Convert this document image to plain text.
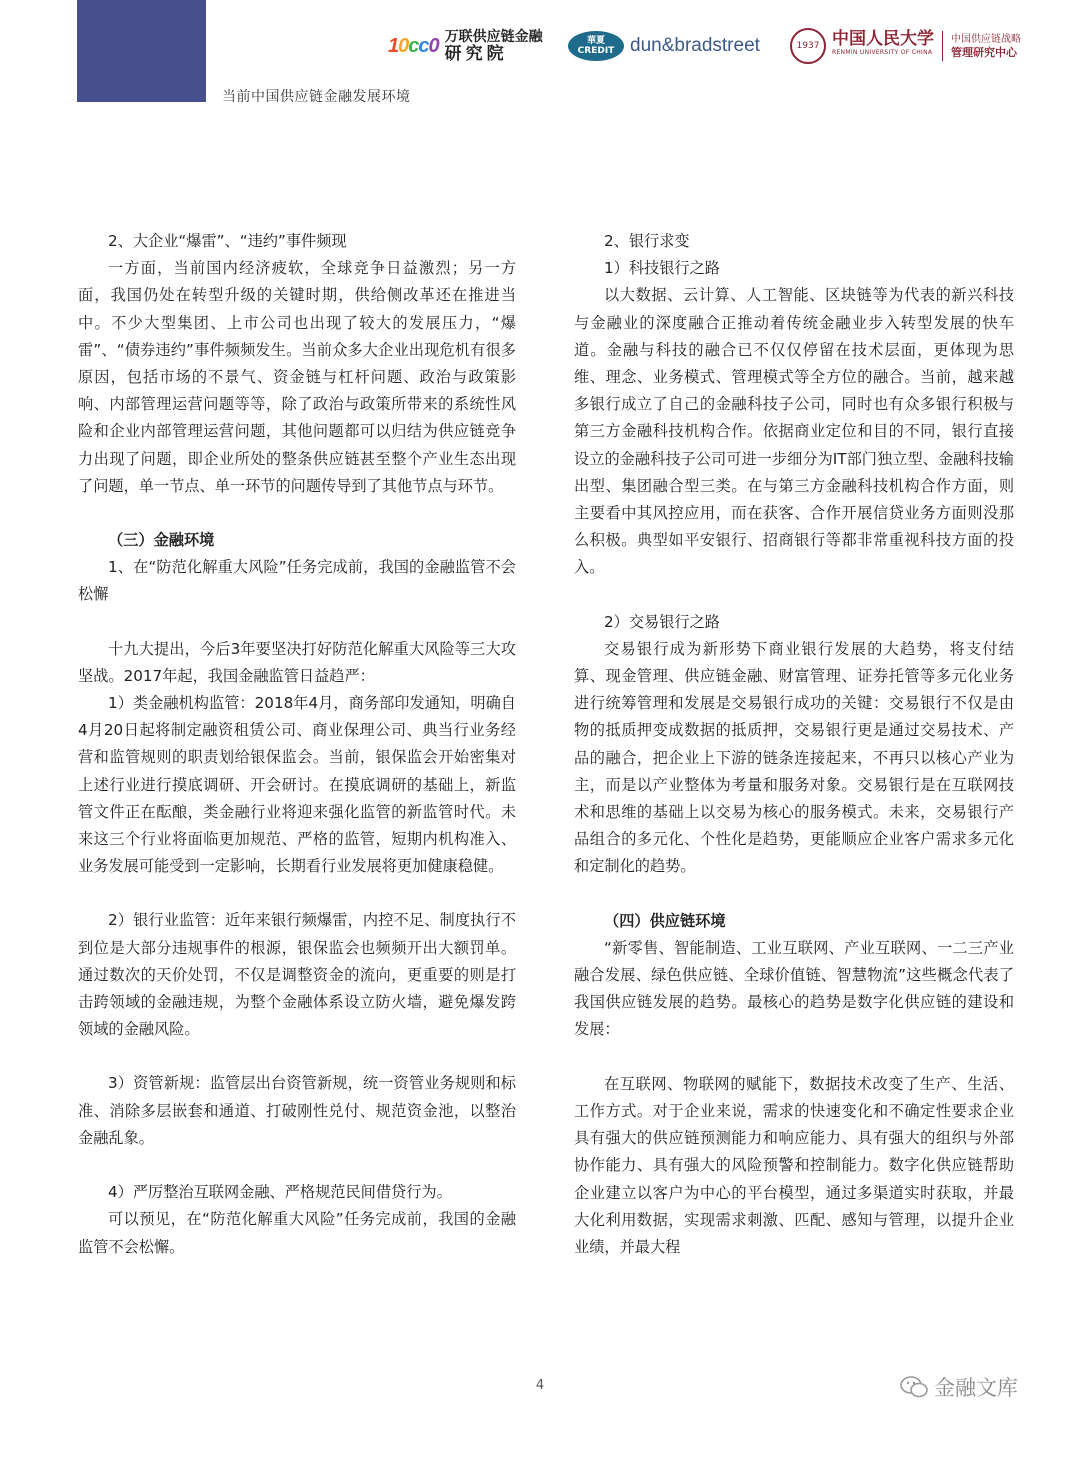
当前中国供应链金融发展环境
10cc0 万联供应链金融
研究院
華夏
CREDIT dun&bradstreet	1937 中国人民大学
RENMIN UNIVERSITY OF CHINA
中国供应链战略
管理研究中心

2、大企业“爆雷”、“违约”事件频现

一方面，当前国内经济疲软，全球竞争日益激烈；另一方面，我国仍处在转型升级的关键时期，供给侧改革还在推进当中。不少大型集团、上市公司也出现了较大的发展压力，“爆雷”、“债券违约”事件频频发生。当前众多大企业出现危机有很多原因，包括市场的不景气、资金链与杠杆问题、政治与政策影响、内部管理运营问题等等，除了政治与政策所带来的系统性风险和企业内部管理运营问题，其他问题都可以归结为供应链竞争力出现了问题，即企业所处的整条供应链甚至整个产业生态出现了问题，单一节点、单一环节的问题传导到了其他节点与环节。

（三）金融环境

1、在“防范化解重大风险”任务完成前，我国的金融监管不会松懈

十九大提出，今后3年要坚决打好防范化解重大风险等三大攻坚战。2017年起，我国金融监管日益趋严：

1）类金融机构监管：2018年4月，商务部印发通知，明确自4月20日起将制定融资租赁公司、商业保理公司、典当行业务经营和监管规则的职责划给银保监会。当前，银保监会开始密集对上述行业进行摸底调研、开会研讨。在摸底调研的基础上，新监管文件正在酝酿，类金融行业将迎来强化监管的新监管时代。未来这三个行业将面临更加规范、严格的监管，短期内机构准入、业务发展可能受到一定影响，长期看行业发展将更加健康稳健。

2）银行业监管：近年来银行频爆雷，内控不足、制度执行不到位是大部分违规事件的根源，银保监会也频频开出大额罚单。通过数次的天价处罚，不仅是调整资金的流向，更重要的则是打击跨领域的金融违规，为整个金融体系设立防火墙，避免爆发跨领域的金融风险。

3）资管新规：监管层出台资管新规，统一资管业务规则和标准、消除多层嵌套和通道、打破刚性兑付、规范资金池，以整治金融乱象。

4）严厉整治互联网金融、严格规范民间借贷行为。

可以预见，在“防范化解重大风险”任务完成前，我国的金融监管不会松懈。

2、银行求变

1）科技银行之路

以大数据、云计算、人工智能、区块链等为代表的新兴科技与金融业的深度融合正推动着传统金融业步入转型发展的快车道。金融与科技的融合已不仅仅停留在技术层面，更体现为思维、理念、业务模式、管理模式等全方位的融合。当前，越来越多银行成立了自己的金融科技子公司，同时也有众多银行积极与第三方金融科技机构合作。依据商业定位和目的不同，银行直接设立的金融科技子公司可进一步细分为IT部门独立型、金融科技输出型、集团融合型三类。在与第三方金融科技机构合作方面，则主要看中其风控应用，而在获客、合作开展信贷业务方面则没那么积极。典型如平安银行、招商银行等都非常重视科技方面的投入。

2）交易银行之路

交易银行成为新形势下商业银行发展的大趋势，将支付结算、现金管理、供应链金融、财富管理、证券托管等多元化业务进行统筹管理和发展是交易银行成功的关键：交易银行不仅是由物的抵质押变成数据的抵质押，交易银行更是通过交易技术、产品的融合，把企业上下游的链条连接起来，不再只以核心产业为主，而是以产业整体为考量和服务对象。交易银行是在互联网技术和思维的基础上以交易为核心的服务模式。未来，交易银行产品组合的多元化、个性化是趋势，更能顺应企业客户需求多元化和定制化的趋势。

（四）供应链环境

“新零售、智能制造、工业互联网、产业互联网、一二三产业融合发展、绿色供应链、全球价值链、智慧物流”这些概念代表了我国供应链发展的趋势。最核心的趋势是数字化供应链的建设和发展：

在互联网、物联网的赋能下，数据技术改变了生产、生活、工作方式。对于企业来说，需求的快速变化和不确定性要求企业具有强大的供应链预测能力和响应能力、具有强大的组织与外部协作能力、具有强大的风险预警和控制能力。数字化供应链帮助企业建立以客户为中心的平台模型，通过多渠道实时获取，并最大化利用数据，实现需求刺激、匹配、感知与管理，以提升企业业绩，并最大程

4	金融文库
